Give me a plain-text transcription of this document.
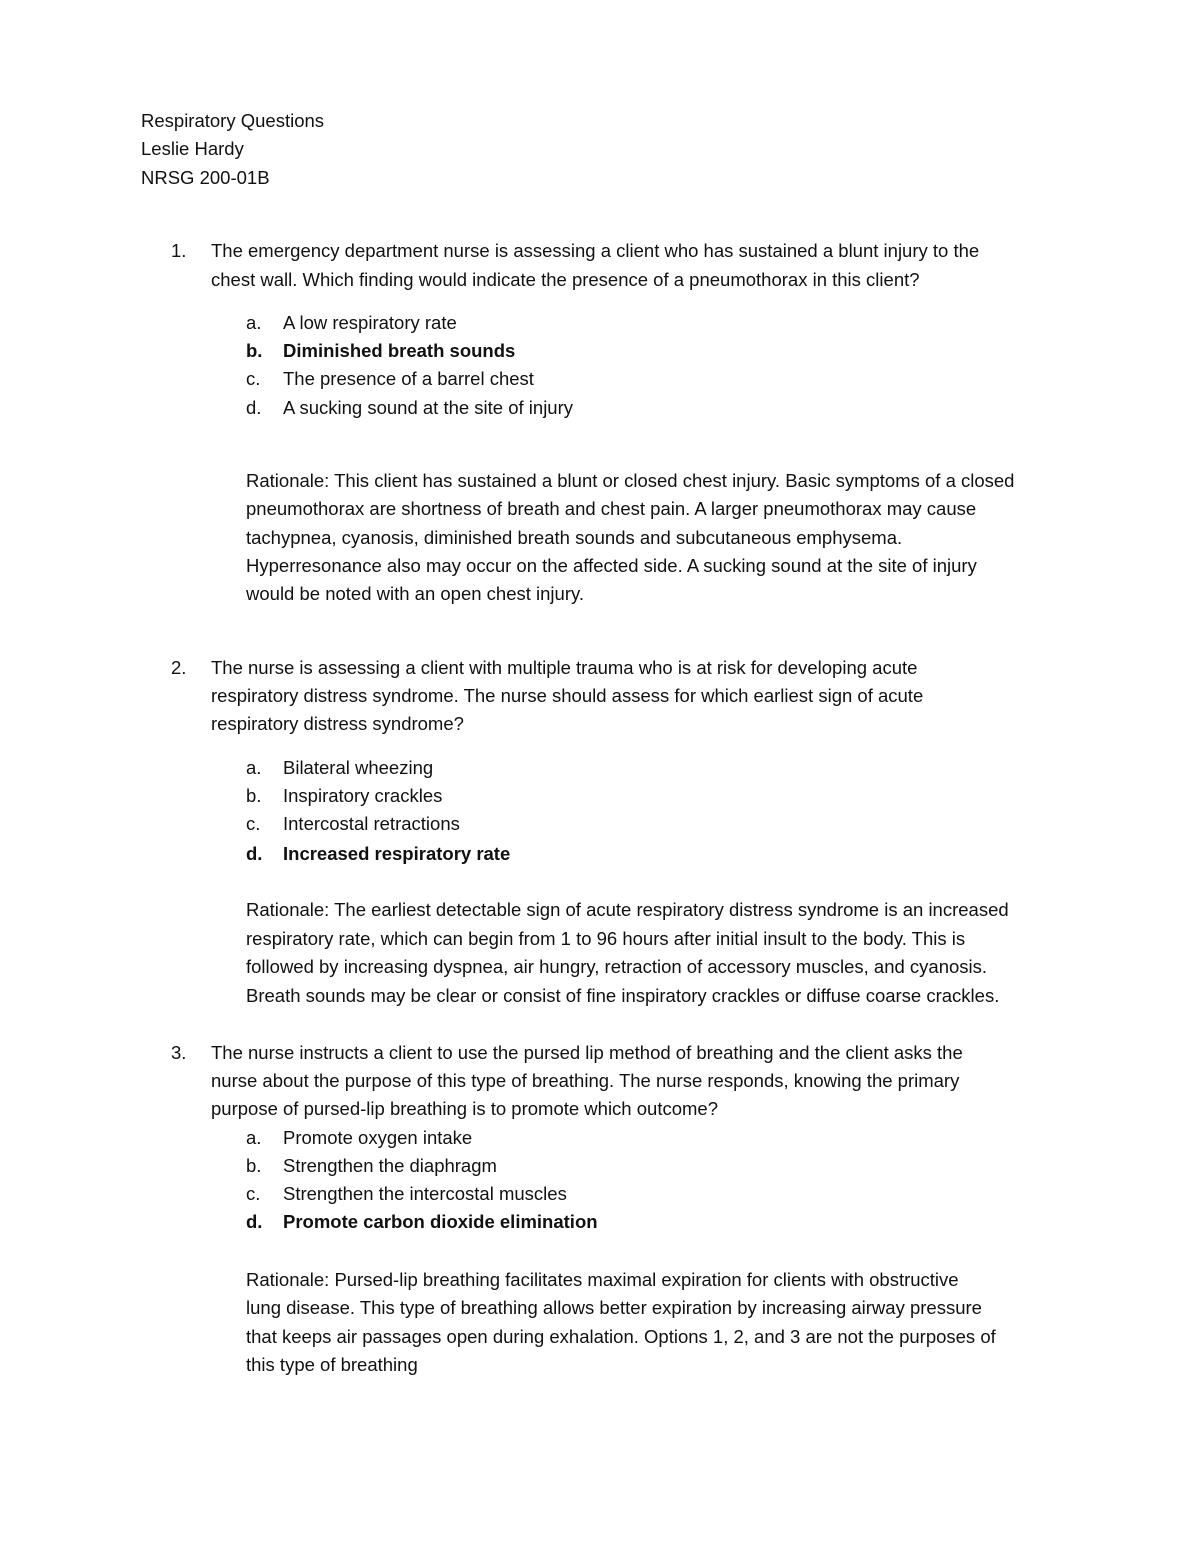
Respiratory Questions
Leslie Hardy
NRSG 200-01B
1. The emergency department nurse is assessing a client who has sustained a blunt injury to the
chest wall. Which finding would indicate the presence of a pneumothorax in this client?
a. A low respiratory rate
b. Diminished breath sounds
c. The presence of a barrel chest
d. A sucking sound at the site of injury
Rationale: This client has sustained a blunt or closed chest injury. Basic symptoms of a closed
pneumothorax are shortness of breath and chest pain. A larger pneumothorax may cause
tachypnea, cyanosis, diminished breath sounds and subcutaneous emphysema.
Hyperresonance also may occur on the affected side. A sucking sound at the site of injury
would be noted with an open chest injury.
2. The nurse is assessing a client with multiple trauma who is at risk for developing acute
respiratory distress syndrome. The nurse should assess for which earliest sign of acute
respiratory distress syndrome?
a. Bilateral wheezing
b. Inspiratory crackles
c. Intercostal retractions
d. Increased respiratory rate
Rationale: The earliest detectable sign of acute respiratory distress syndrome is an increased
respiratory rate, which can begin from 1 to 96 hours after initial insult to the body. This is
followed by increasing dyspnea, air hungry, retraction of accessory muscles, and cyanosis.
Breath sounds may be clear or consist of fine inspiratory crackles or diffuse coarse crackles.
3. The nurse instructs a client to use the pursed lip method of breathing and the client asks the
nurse about the purpose of this type of breathing. The nurse responds, knowing the primary
purpose of pursed-lip breathing is to promote which outcome?
a. Promote oxygen intake
b. Strengthen the diaphragm
c. Strengthen the intercostal muscles
d. Promote carbon dioxide elimination
Rationale: Pursed-lip breathing facilitates maximal expiration for clients with obstructive
lung disease. This type of breathing allows better expiration by increasing airway pressure
that keeps air passages open during exhalation. Options 1, 2, and 3 are not the purposes of
this type of breathing
